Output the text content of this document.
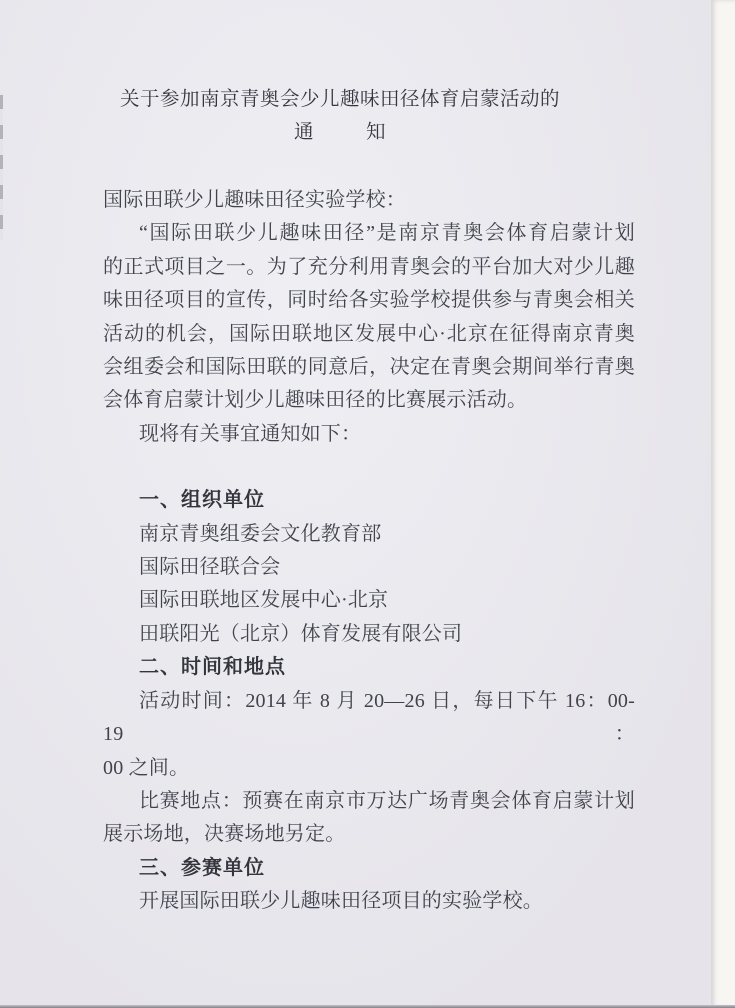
关于参加南京青奥会少儿趣味田径体育启蒙活动的
通	知
国际田联少儿趣味田径实验学校：
“国际田联少儿趣味田径”是南京青奥会体育启蒙计划
的正式项目之一。为了充分利用青奥会的平台加大对少儿趣
味田径项目的宣传，同时给各实验学校提供参与青奥会相关
活动的机会，国际田联地区发展中心·北京在征得南京青奥
会组委会和国际田联的同意后，决定在青奥会期间举行青奥
会体育启蒙计划少儿趣味田径的比赛展示活动。
现将有关事宜通知如下：
一、组织单位
南京青奥组委会文化教育部
国际田径联合会
国际田联地区发展中心·北京
田联阳光（北京）体育发展有限公司
二、时间和地点
活动时间：2014 年 8 月 20—26 日，每日下午 16：00-19：
00 之间。
比赛地点：预赛在南京市万达广场青奥会体育启蒙计划
展示场地，决赛场地另定。
三、参赛单位
开展国际田联少儿趣味田径项目的实验学校。
